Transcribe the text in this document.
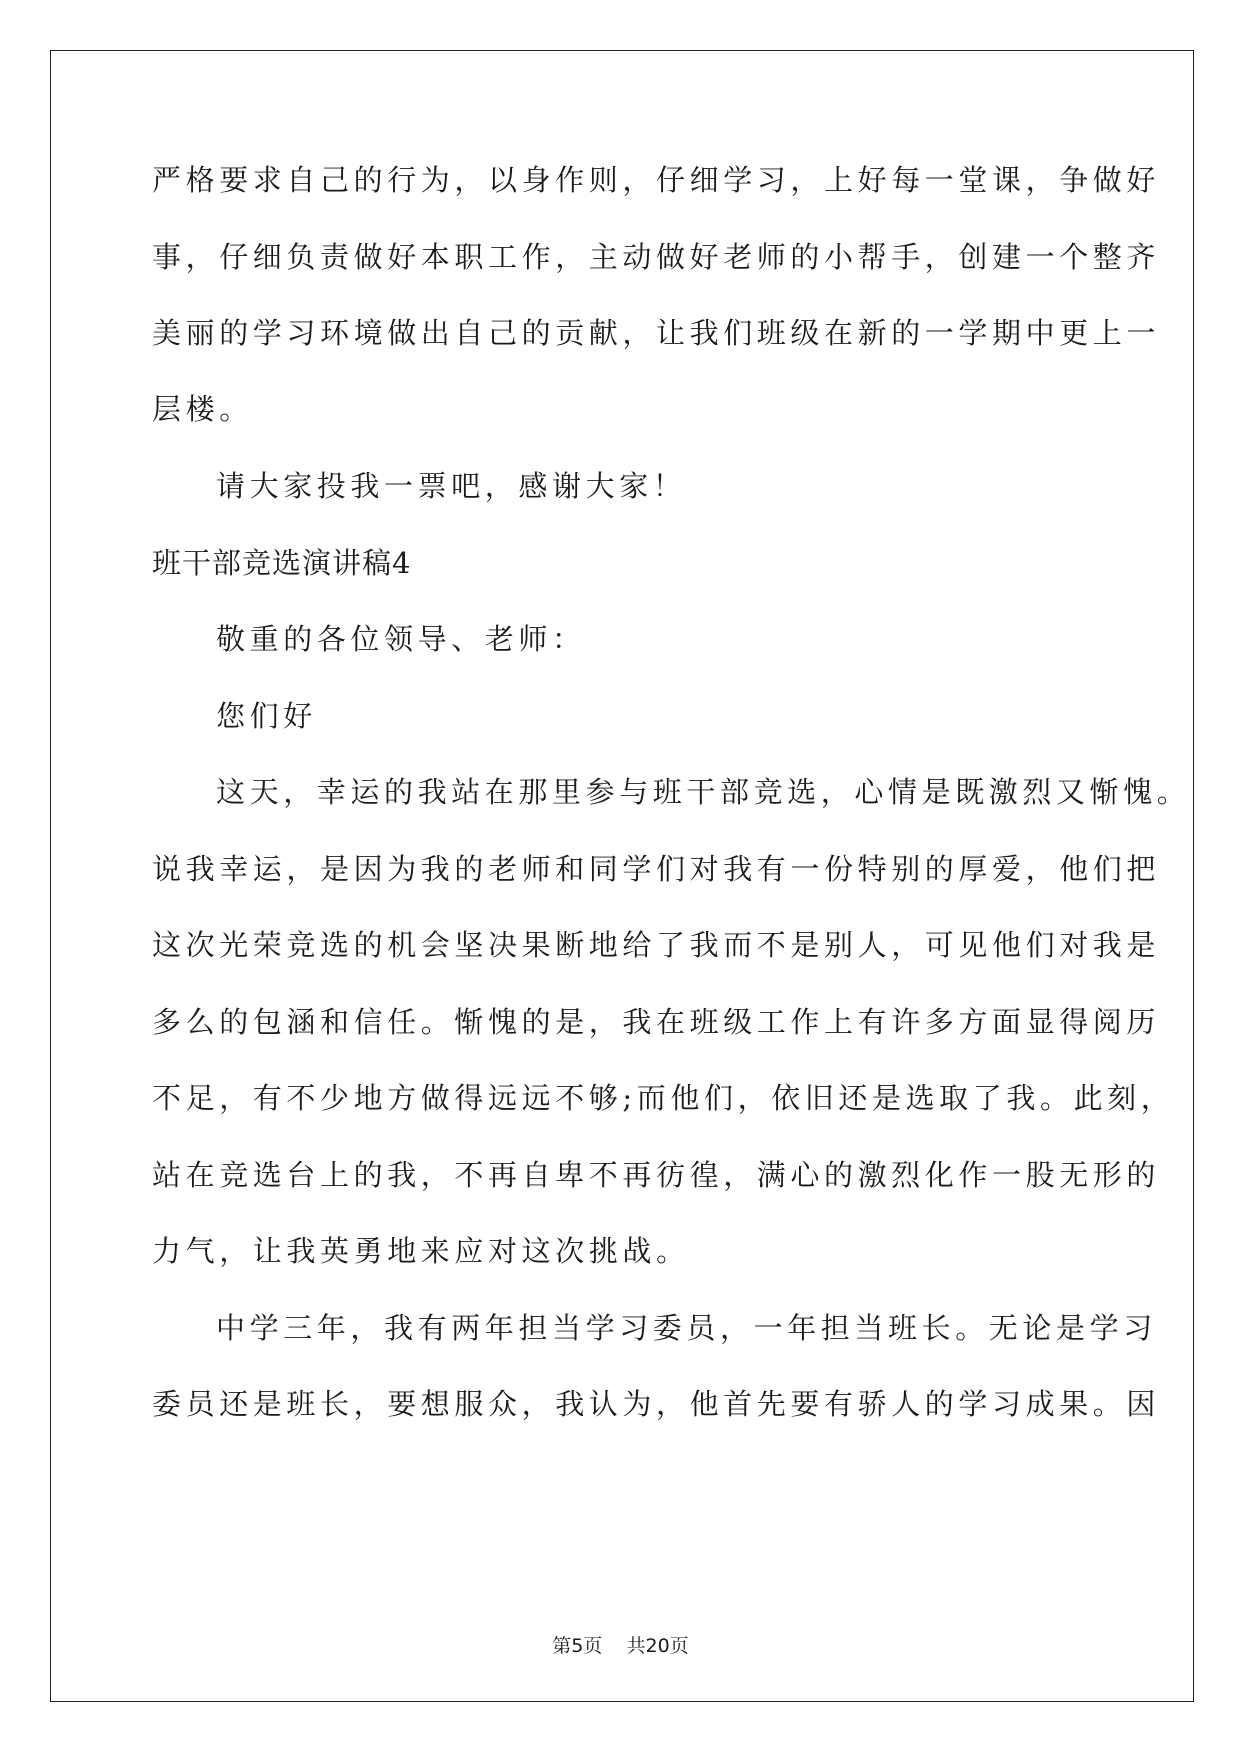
严格要求自己的行为，以身作则，仔细学习，上好每一堂课，争做好
事，仔细负责做好本职工作，主动做好老师的小帮手，创建一个整齐
美丽的学习环境做出自己的贡献，让我们班级在新的一学期中更上一
层楼。
请大家投我一票吧，感谢大家！
班干部竞选演讲稿4
敬重的各位领导、老师：
您们好
这天，幸运的我站在那里参与班干部竞选，心情是既激烈又惭愧。
说我幸运，是因为我的老师和同学们对我有一份特别的厚爱，他们把
这次光荣竞选的机会坚决果断地给了我而不是别人，可见他们对我是
多么的包涵和信任。惭愧的是，我在班级工作上有许多方面显得阅历
不足，有不少地方做得远远不够;而他们，依旧还是选取了我。此刻，
站在竞选台上的我，不再自卑不再彷徨，满心的激烈化作一股无形的
力气，让我英勇地来应对这次挑战。
中学三年，我有两年担当学习委员，一年担当班长。无论是学习
委员还是班长，要想服众，我认为，他首先要有骄人的学习成果。因
第5页 共20页
